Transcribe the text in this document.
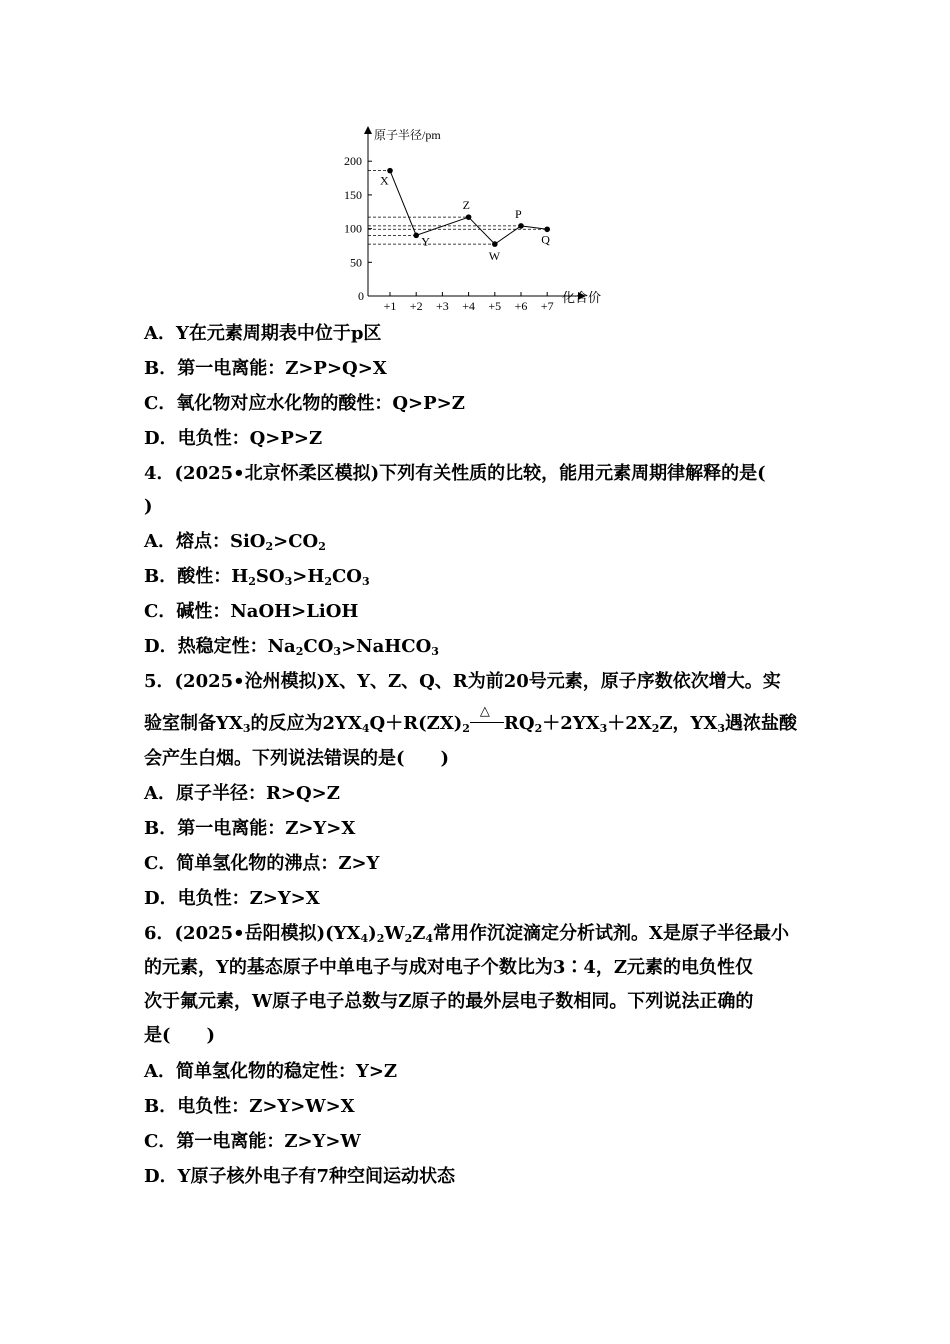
50
100
150
200
+1 +2 +3 +4 +5 +6 +7
X
Y
Z
W
P
Q
原子半径/pm
化合价
0
A．Y在元素周期表中位于p区
B．第一电离能：Z>P>Q>X
C．氧化物对应水化物的酸性：Q>P>Z
D．电负性：Q>P>Z
4．(2025•北京怀柔区模拟)下列有关性质的比较，能用元素周期律解释的是(
)
A．熔点：$SiO_2>CO_2$
B．酸性：$H_2SO_3>H_2CO_3$
C．碱性：NaOH>LiOH
D．热稳定性：$Na_2CO_3>NaHCO_3$
5．(2025•沧州模拟)X、Y、Z、Q、R为前20号元素，原子序数依次增大。实
验室制备$YX_3$的反应为$2YX_4Q+R(ZX)_2$
△
$RQ_2+2YX_3+2X_2Z$，$YX_3$遇浓盐酸
会产生白烟。下列说法错误的是(　　)
A．原子半径：R>Q>Z
B．第一电离能：Z>Y>X
C．简单氢化物的沸点：Z>Y
D．电负性：Z>Y>X
6．(2025•岳阳模拟)$(YX_4)_2W_2Z_4$常用作沉淀滴定分析试剂。X是原子半径最小
的元素，Y的基态原子中单电子与成对电子个数比为3∶4，Z元素的电负性仅
次于氟元素，W原子电子总数与Z原子的最外层电子数相同。下列说法正确的
是(　　)
A．简单氢化物的稳定性：Y>Z
B．电负性：Z>Y>W>X
C．第一电离能：Z>Y>W
D．Y原子核外电子有7种空间运动状态
